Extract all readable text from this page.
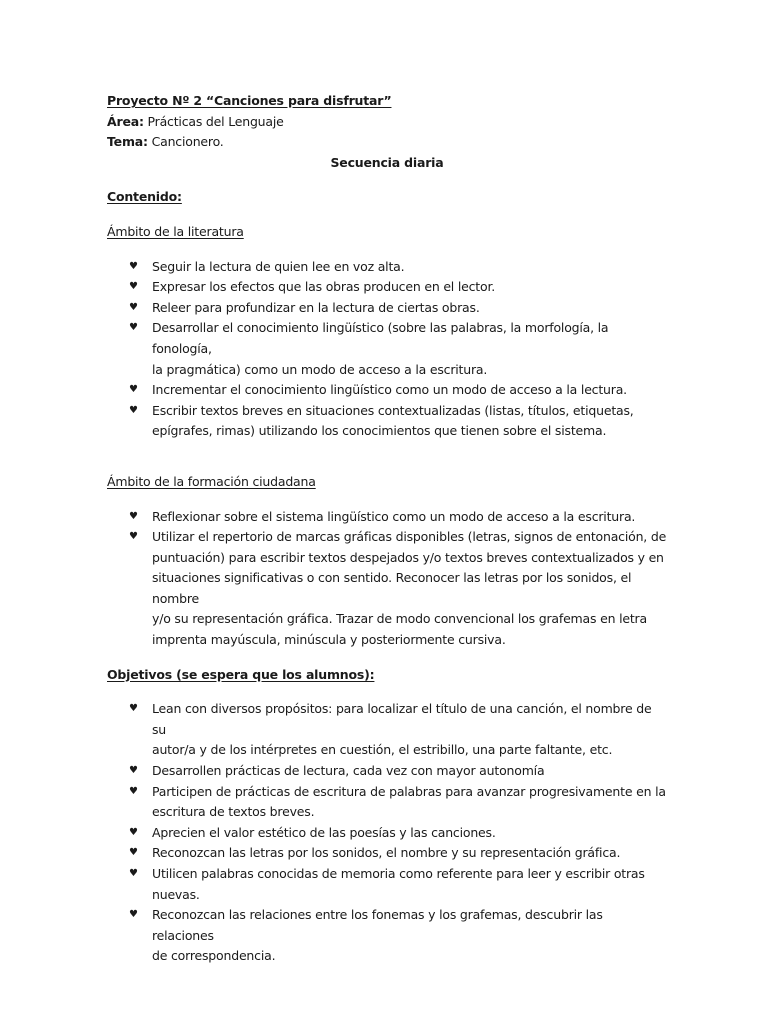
Proyecto Nº 2 “Canciones para disfrutar”

Área: Prácticas del Lenguaje

Tema: Cancionero.

Secuencia diaria

Contenido:

Ámbito de la literatura

♥ Seguir la lectura de quien lee en voz alta.
♥ Expresar los efectos que las obras producen en el lector.
♥ Releer para profundizar en la lectura de ciertas obras.
♥ Desarrollar el conocimiento lingüístico (sobre las palabras, la morfología, la fonología,
la pragmática) como un modo de acceso a la escritura.
♥ Incrementar el conocimiento lingüístico como un modo de acceso a la lectura.
♥ Escribir textos breves en situaciones contextualizadas (listas, títulos, etiquetas,
epígrafes, rimas) utilizando los conocimientos que tienen sobre el sistema.

Ámbito de la formación ciudadana

♥ Reflexionar sobre el sistema lingüístico como un modo de acceso a la escritura.
♥ Utilizar el repertorio de marcas gráficas disponibles (letras, signos de entonación, de
puntuación) para escribir textos despejados y/o textos breves contextualizados y en
situaciones significativas o con sentido. Reconocer las letras por los sonidos, el nombre
y/o su representación gráfica. Trazar de modo convencional los grafemas en letra
imprenta mayúscula, minúscula y posteriormente cursiva.

Objetivos (se espera que los alumnos):

♥ Lean con diversos propósitos: para localizar el título de una canción, el nombre de su
autor/a y de los intérpretes en cuestión, el estribillo, una parte faltante, etc.
♥ Desarrollen prácticas de lectura, cada vez con mayor autonomía
♥ Participen de prácticas de escritura de palabras para avanzar progresivamente en la
escritura de textos breves.
♥ Aprecien el valor estético de las poesías y las canciones.
♥ Reconozcan las letras por los sonidos, el nombre y su representación gráfica.
♥ Utilicen palabras conocidas de memoria como referente para leer y escribir otras
nuevas.
♥ Reconozcan las relaciones entre los fonemas y los grafemas, descubrir las relaciones
de correspondencia.
